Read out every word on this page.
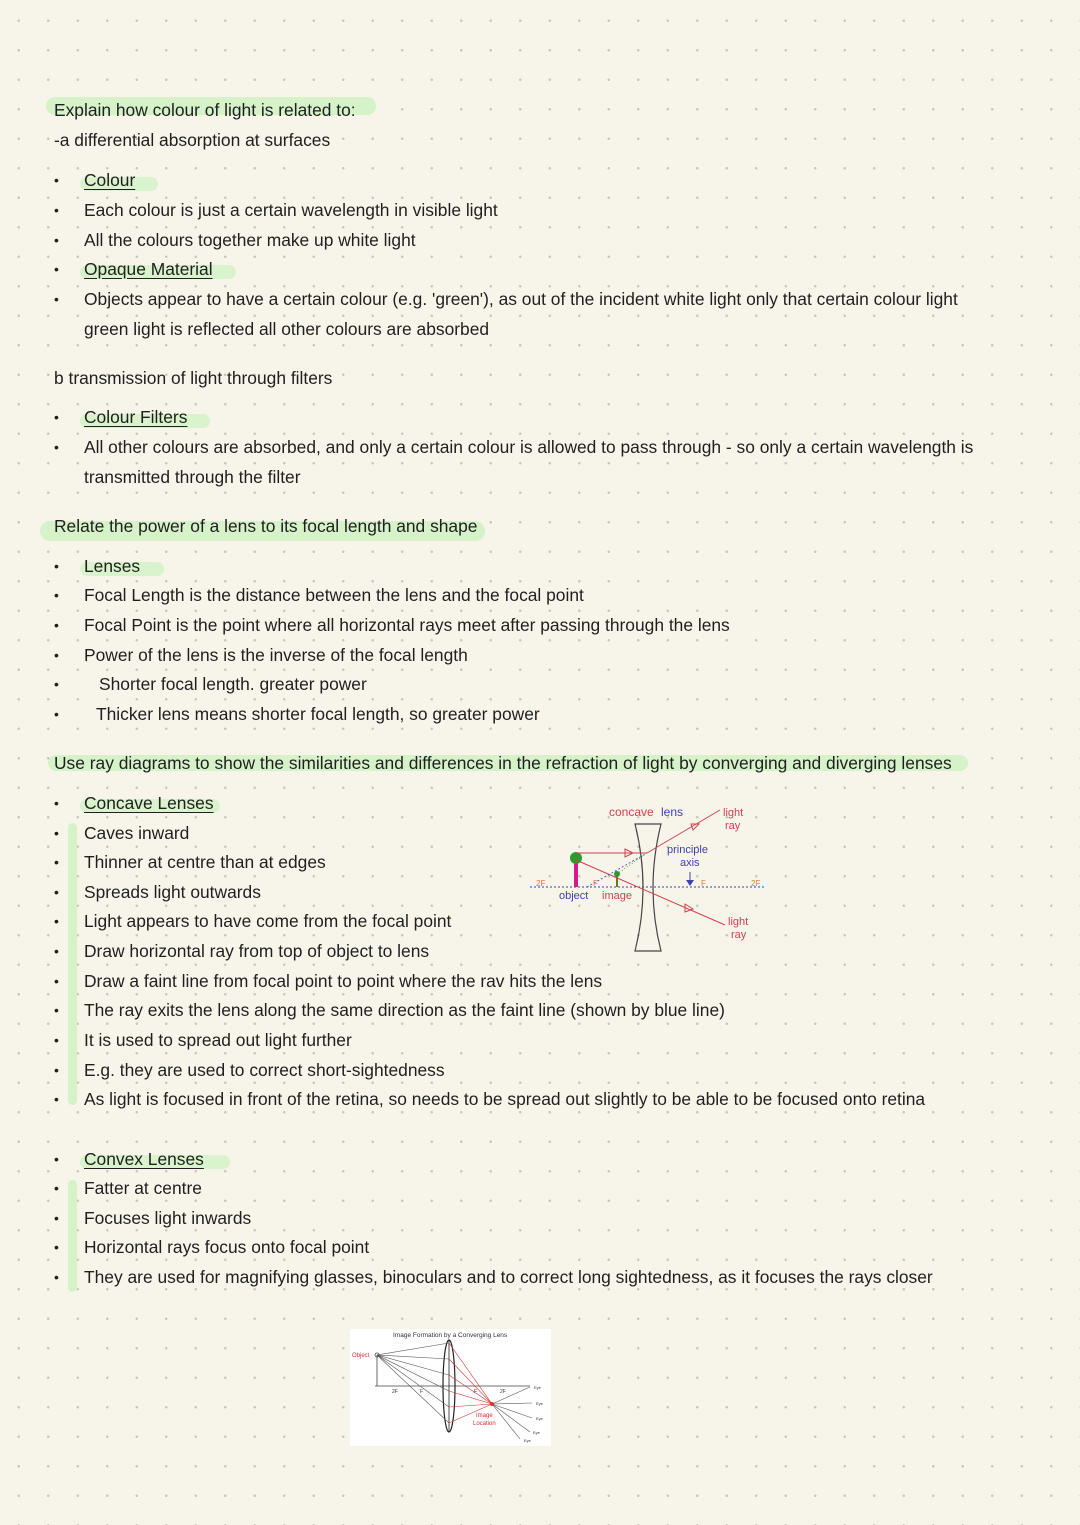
Explain how colour of light is related to:
-a differential absorption at surfaces
• Colour
• Each colour is just a certain wavelength in visible light
• All the colours together make up white light
• Opaque Material
• Objects appear to have a certain colour (e.g. 'green'), as out of the incident white light only that certain colour light
green light is reflected all other colours are absorbed
b transmission of light through filters
• Colour Filters
• All other colours are absorbed, and only a certain colour is allowed to pass through - so only a certain wavelength is
transmitted through the filter
Relate the power of a lens to its focal length and shape
• Lenses
• Focal Length is the distance between the lens and the focal point
• Focal Point is the point where all horizontal rays meet after passing through the lens
• Power of the lens is the inverse of the focal length
• Shorter focal length. greater power
• Thicker lens means shorter focal length, so greater power
Use ray diagrams to show the similarities and differences in the refraction of light by converging and diverging lenses
• Concave Lenses
• Caves inward
• Thinner at centre than at edges
• Spreads light outwards
• Light appears to have come from the focal point
• Draw horizontal ray from top of object to lens
• Draw a faint line from focal point to point where the rav hits the lens
• The ray exits the lens along the same direction as the faint line (shown by blue line)
• It is used to spread out light further
• E.g. they are used to correct short-sightedness
• As light is focused in front of the retina, so needs to be spread out slightly to be able to be focused onto retina
concave lens	light
ray
light
ray
principle
axis
2F	F	F	2F
object image
• Convex Lenses
• Fatter at centre
• Focuses light inwards
• Horizontal rays focus onto focal point
• They are used for magnifying glasses, binoculars and to correct long sightedness, as it focuses the rays closer
Image Formation by a Converging Lens
Object
Image
Location
2F	F	F	2F
Eye
Eye
Eye
Eye
Eye
